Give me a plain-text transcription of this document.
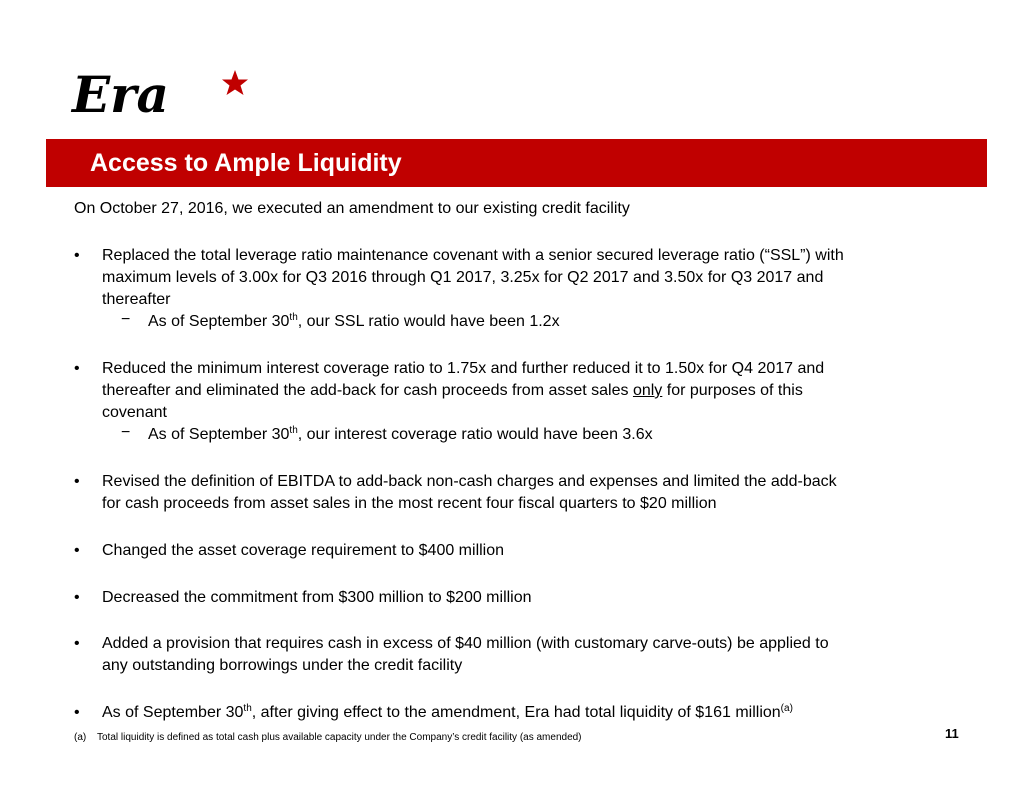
Era
Access to Ample Liquidity
On October 27, 2016, we executed an amendment to our existing credit facility
• Replaced the total leverage ratio maintenance covenant with a senior secured leverage ratio (“SSL”) with
maximum levels of 3.00x for Q3 2016 through Q1 2017, 3.25x for Q2 2017 and 3.50x for Q3 2017 and
thereafter
− As of September 30th, our SSL ratio would have been 1.2x
• Reduced the minimum interest coverage ratio to 1.75x and further reduced it to 1.50x for Q4 2017 and
thereafter and eliminated the add-back for cash proceeds from asset sales only for purposes of this
covenant
− As of September 30th, our interest coverage ratio would have been 3.6x
• Revised the definition of EBITDA to add-back non-cash charges and expenses and limited the add-back
for cash proceeds from asset sales in the most recent four fiscal quarters to $20 million
• Changed the asset coverage requirement to $400 million
• Decreased the commitment from $300 million to $200 million
• Added a provision that requires cash in excess of $40 million (with customary carve-outs) be applied to
any outstanding borrowings under the credit facility
• As of September 30th, after giving effect to the amendment, Era had total liquidity of $161 million$^{(a)}$
(a) Total liquidity is defined as total cash plus available capacity under the Company’s credit facility (as amended)	11
